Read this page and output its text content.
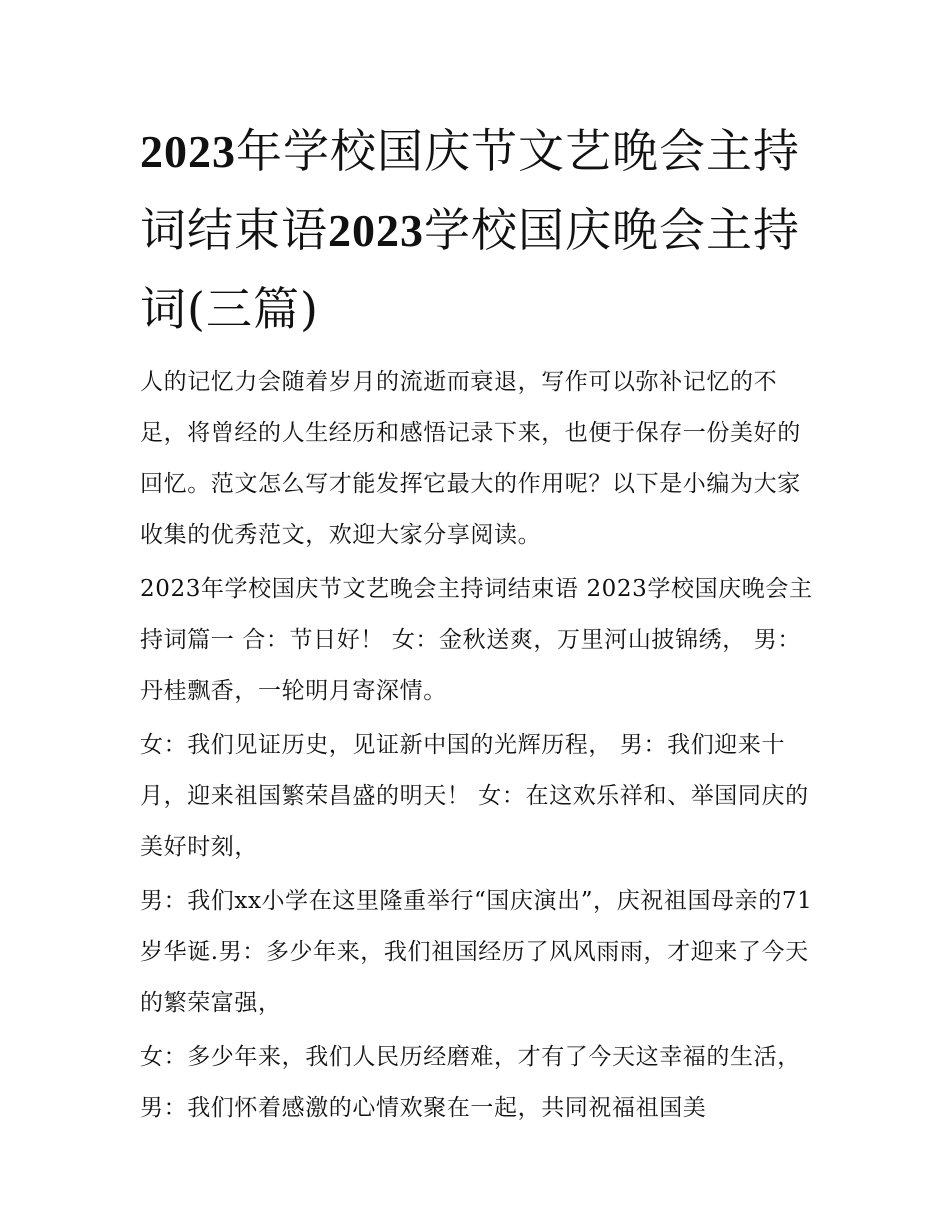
2023年学校国庆节文艺晚会主持词结束语2023学校国庆晚会主持词(三篇)

人的记忆力会随着岁月的流逝而衰退，写作可以弥补记忆的不足，将曾经的人生经历和感悟记录下来，也便于保存一份美好的回忆。范文怎么写才能发挥它最大的作用呢？以下是小编为大家收集的优秀范文，欢迎大家分享阅读。

2023年学校国庆节文艺晚会主持词结束语 2023学校国庆晚会主持词篇一 合：节日好！ 女：金秋送爽，万里河山披锦绣， 男：丹桂飘香，一轮明月寄深情。

女：我们见证历史，见证新中国的光辉历程， 男：我们迎来十月，迎来祖国繁荣昌盛的明天！ 女：在这欢乐祥和、举国同庆的美好时刻，

男：我们xx小学在这里隆重举行“国庆演出”，庆祝祖国母亲的71岁华诞.男：多少年来，我们祖国经历了风风雨雨，才迎来了今天的繁荣富强，

女：多少年来，我们人民历经磨难，才有了今天这幸福的生活， 男：我们怀着感激的心情欢聚在一起，共同祝福祖国美
